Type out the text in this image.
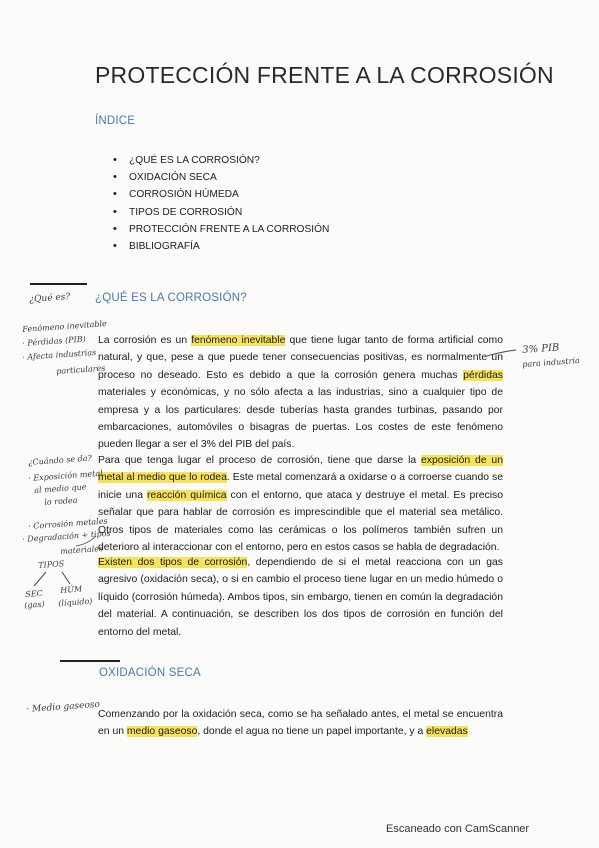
PROTECCIÓN FRENTE A LA CORROSIÓN
ÍNDICE
• ¿QUÉ ES LA CORROSIÓN?
• OXIDACIÓN SECA
• CORROSIÓN HÚMEDA
• TIPOS DE CORROSIÓN
• PROTECCIÓN FRENTE A LA CORROSIÓN
• BIBLIOGRAFÍA
¿QUÉ ES LA CORROSIÓN?
La corrosión es un fenómeno inevitable que tiene lugar tanto de forma artificial como natural, y que, pese a que puede tener consecuencias positivas, es normalmente un proceso no deseado. Esto es debido a que la corrosión genera muchas pérdidas materiales y económicas, y no sólo afecta a las industrias, sino a cualquier tipo de empresa y a los particulares: desde tuberías hasta grandes turbinas, pasando por embarcaciones, automóviles o bisagras de puertas. Los costes de este fenómeno pueden llegar a ser el 3% del PIB del país.
Para que tenga lugar el proceso de corrosión, tiene que darse la exposición de un metal al medio que lo rodea. Este metal comenzará a oxidarse o a corroerse cuando se inicie una reacción química con el entorno, que ataca y destruye el metal. Es preciso señalar que para hablar de corrosión es imprescindible que el material sea metálico. Otros tipos de materiales como las cerámicas o los polímeros también sufren un deterioro al interaccionar con el entorno, pero en estos casos se habla de degradación.
Existen dos tipos de corrosión, dependiendo de si el metal reacciona con un gas agresivo (oxidación seca), o si en cambio el proceso tiene lugar en un medio húmedo o líquido (corrosión húmeda). Ambos tipos, sin embargo, tienen en común la degradación del material. A continuación, se describen los dos tipos de corrosión en función del entorno del metal.
OXIDACIÓN SECA
Comenzando por la oxidación seca, como se ha señalado antes, el metal se encuentra en un medio gaseoso, donde el agua no tiene un papel importante, y a elevadas
¿Qué es?
Fenómeno inevitable
· Pérdidas (PIB)
· Afecta industrias
particulares
3% PIB
para industria
¿Cuándo se da?
· Exposición metal
al medio que
lo rodea
· Corrosión metales
· Degradación + tipos
materiales
TIPOS
SEC
(gas)
HÚM
(líquido)
· Medio gaseoso
Escaneado con CamScanner
